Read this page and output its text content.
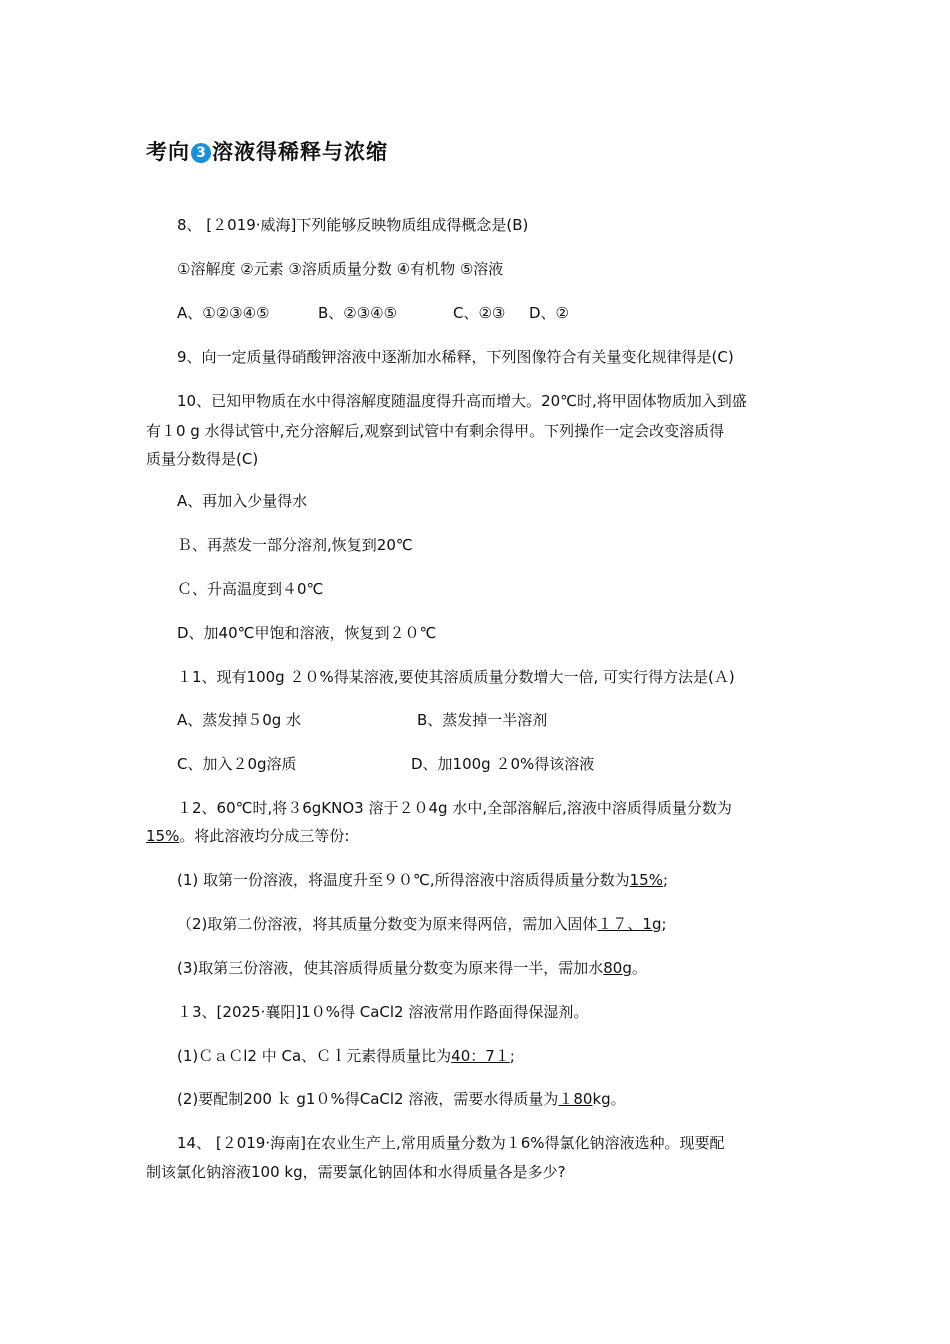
考向 3 溶液得稀释与浓缩
8、 [２019·威海]下列能够反映物质组成得概念是(B)
①溶解度 ②元素 ③溶质质量分数 ④有机物 ⑤溶液
A、①②③④⑤	B、②③④⑤	C、②③ D、②
9、向一定质量得硝酸钾溶液中逐渐加水稀释，下列图像符合有关量变化规律得是(C)
10、已知甲物质在水中得溶解度随温度得升高而增大。20℃时,将甲固体物质加入到盛
有１0 g 水得试管中,充分溶解后,观察到试管中有剩余得甲。下列操作一定会改变溶质得
质量分数得是(C)
A、再加入少量得水
Ｂ、再蒸发一部分溶剂,恢复到20℃
Ｃ、升高温度到４0℃
D、加40℃甲饱和溶液，恢复到２０℃
１1、现有100g ２０%得某溶液,要使其溶质质量分数增大一倍, 可实行得方法是(Ａ)
A、蒸发掉５0g 水	B、蒸发掉一半溶剂
C、加入２0g溶质	D、加100g ２0%得该溶液
１2、60℃时,将３6gKNO3 溶于２０4g 水中,全部溶解后,溶液中溶质得质量分数为
15%。将此溶液均分成三等份:
(1) 取第一份溶液，将温度升至９０℃,所得溶液中溶质得质量分数为15%;
（2)取第二份溶液，将其质量分数变为原来得两倍，需加入固体１７、1g;
(3)取第三份溶液，使其溶质得质量分数变为原来得一半，需加水80g。
１3、[2025·襄阳]1０%得 CaCl2 溶液常用作路面得保湿剂。
(1)ＣａＣl2 中 Ca、Ｃｌ元素得质量比为40：7１;
(2)要配制200 ｋ g1０%得CaCl2 溶液，需要水得质量为１80kg。
14、 [２019·海南]在农业生产上,常用质量分数为１6%得氯化钠溶液选种。现要配
制该氯化钠溶液100 kg，需要氯化钠固体和水得质量各是多少?
